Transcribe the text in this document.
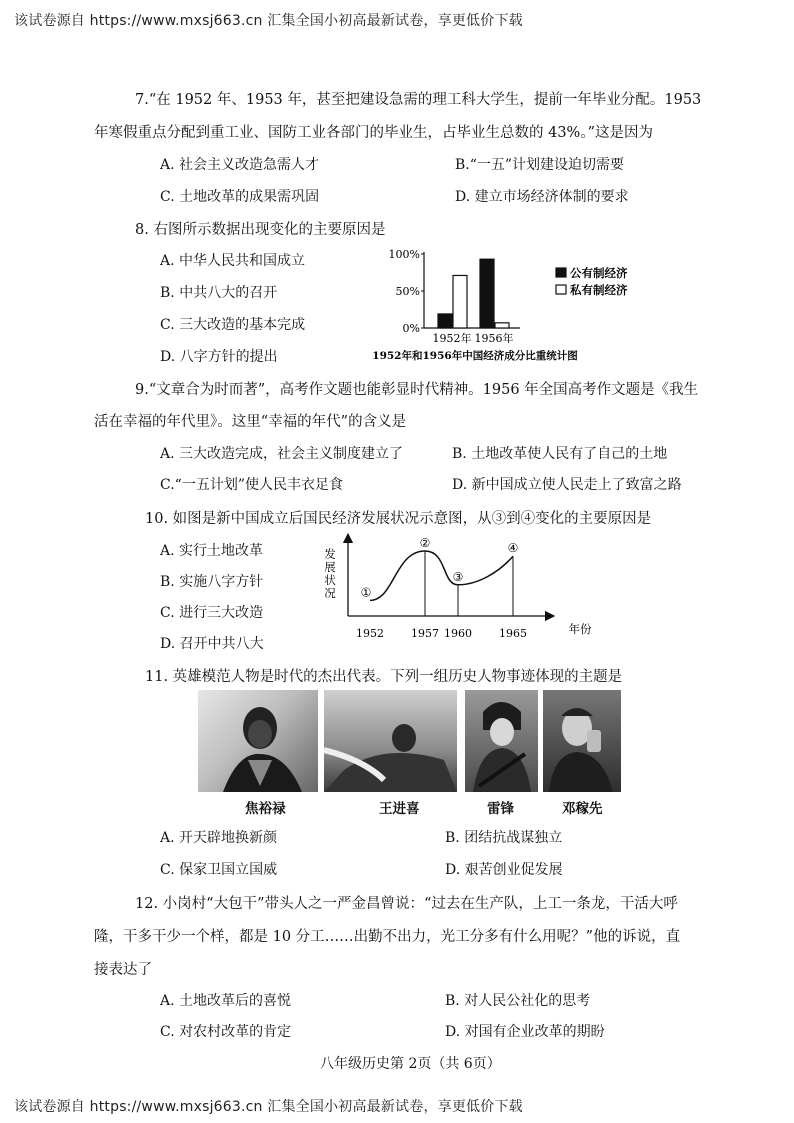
该试卷源自 https://www.mxsj663.cn 汇集全国小初高最新试卷，享更低价下载
7.“在 1952 年、1953 年，甚至把建设急需的理工科大学生，提前一年毕业分配。1953
年寒假重点分配到重工业、国防工业各部门的毕业生，占毕业生总数的 43%。”这是因为
A. 社会主义改造急需人才	B.“一五”计划建设迫切需要
C. 土地改革的成果需巩固	D. 建立市场经济体制的要求
8. 右图所示数据出现变化的主要原因是
A. 中华人民共和国成立
B. 中共八大的召开
C. 三大改造的基本完成
D. 八字方针的提出
100%
50%
0%
1952年 1956年
公有制经济
私有制经济
1952年和1956年中国经济成分比重统计图
9.“文章合为时而著”，高考作文题也能彰显时代精神。1956 年全国高考作文题是《我生
活在幸福的年代里》。这里“幸福的年代”的含义是
A. 三大改造完成，社会主义制度建立了	B. 土地改革使人民有了自己的土地
C.“一五计划”使人民丰衣足食	D. 新中国成立使人民走上了致富之路
10. 如图是新中国成立后国民经济发展状况示意图，从③到④变化的主要原因是
A. 实行土地改革
B. 实施八字方针
C. 进行三大改造
D. 召开中共八大
①
②
③
④
1952 1957 1960 1965	年份
发
展
状
况
11. 英雄模范人物是时代的杰出代表。下列一组历史人物事迹体现的主题是
焦裕禄	王进喜	雷锋	邓稼先
A. 开天辟地换新颜	B. 团结抗战谋独立
C. 保家卫国立国威	D. 艰苦创业促发展
12. 小岗村“大包干”带头人之一严金昌曾说：“过去在生产队，上工一条龙，干活大呼
隆，干多干少一个样，都是 10 分工……出勤不出力，光工分多有什么用呢？”他的诉说，直
接表达了
A. 土地改革后的喜悦	B. 对人民公社化的思考
C. 对农村改革的肯定	D. 对国有企业改革的期盼
八年级历史第 2页（共 6页）
该试卷源自 https://www.mxsj663.cn 汇集全国小初高最新试卷，享更低价下载
